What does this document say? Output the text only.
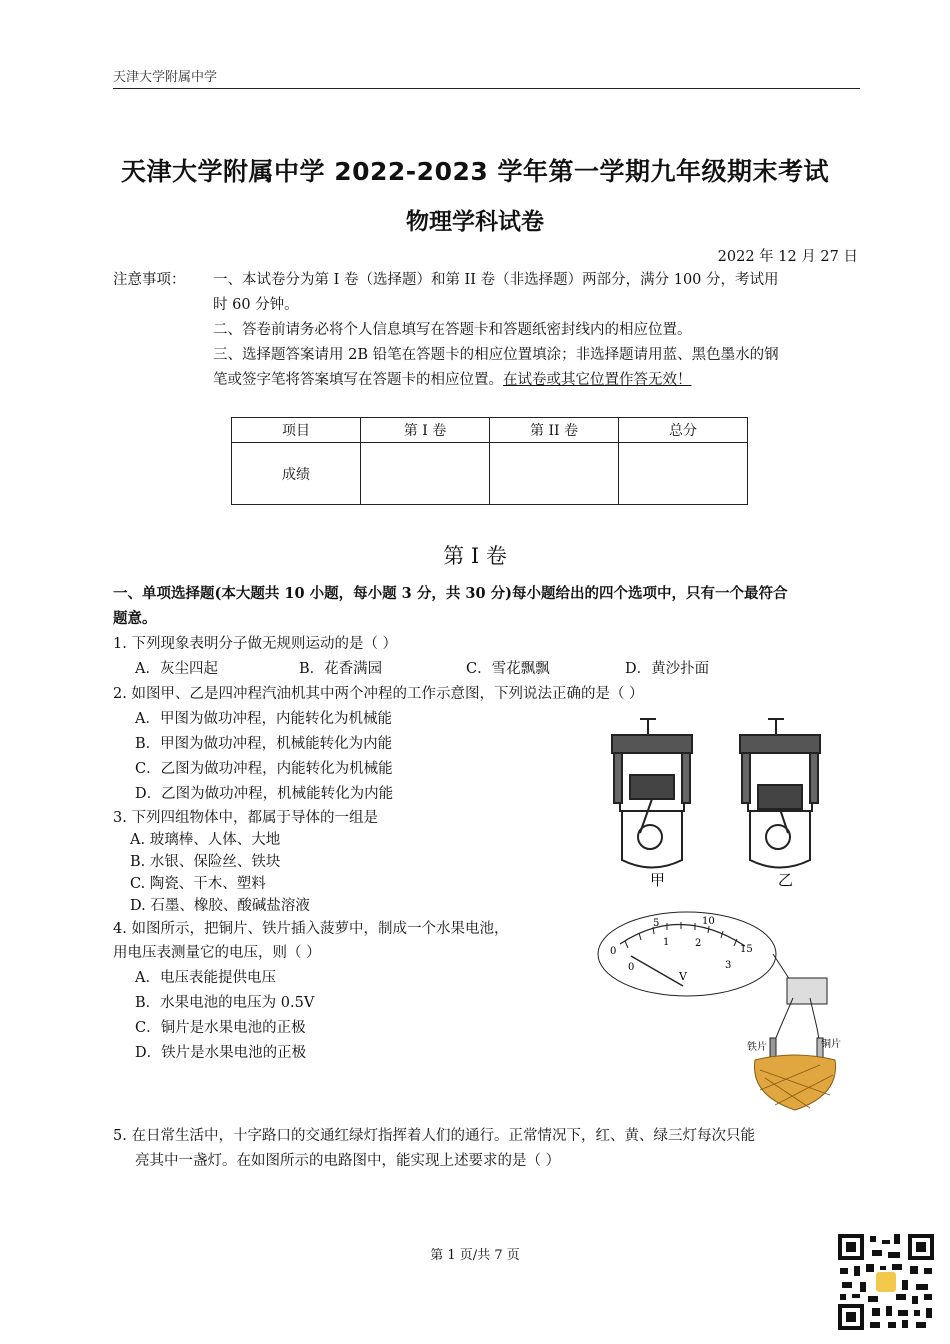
天津大学附属中学
天津大学附属中学 2022-2023 学年第一学期九年级期末考试
物理学科试卷
2022 年 12 月 27 日
注意事项： 一、本试卷分为第 I 卷（选择题）和第 II 卷（非选择题）两部分，满分 100 分，考试用
时 60 分钟。
二、答卷前请务必将个人信息填写在答题卡和答题纸密封线内的相应位置。
三、选择题答案请用 2B 铅笔在答题卡的相应位置填涂；非选择题请用蓝、黑色墨水的钢
笔或签字笔将答案填写在答题卡的相应位置。在试卷或其它位置作答无效！
项目	第 I 卷	第 II 卷	总分
成绩			
第 I 卷
一、单项选择题(本大题共 10 小题，每小题 3 分，共 30 分)每小题给出的四个选项中，只有一个最符合
题意。
1. 下列现象表明分子做无规则运动的是（ ）
A．灰尘四起	B．花香满园	C．雪花飘飘	D．黄沙扑面
2. 如图甲、乙是四冲程汽油机其中两个冲程的工作示意图，下列说法正确的是（ ）
A．甲图为做功冲程，内能转化为机械能
B．甲图为做功冲程，机械能转化为内能
C．乙图为做功冲程，内能转化为机械能
D．乙图为做功冲程，机械能转化为内能
甲	乙
3. 下列四组物体中，都属于导体的一组是
A. 玻璃棒、人体、大地
B. 水银、保险丝、铁块
C. 陶瓷、干木、塑料
D. 石墨、橡胶、酸碱盐溶液
4. 如图所示，把铜片、铁片插入菠萝中，制成一个水果电池，
用电压表测量它的电压，则（ ）
A．电压表能提供电压
B．水果电池的电压为 0.5V
C．铜片是水果电池的正极
D．铁片是水果电池的正极
0
5	10
15
0
1	2
3
V
铁片	铜片
5. 在日常生活中，十字路口的交通红绿灯指挥着人们的通行。正常情况下，红、黄、绿三灯每次只能
亮其中一盏灯。在如图所示的电路图中，能实现上述要求的是（ ）
第 1 页/共 7 页
